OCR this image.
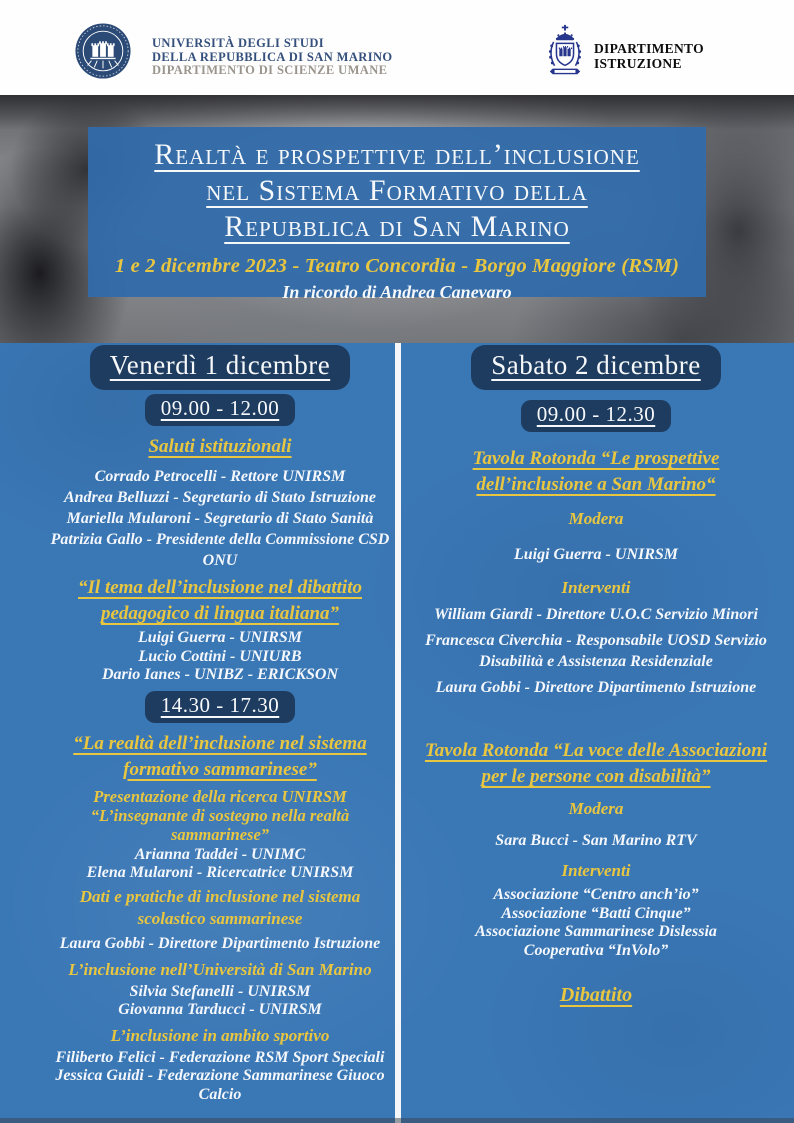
UNIVERSITÀ DEGLI STUDI
DELLA REPUBBLICA DI SAN MARINO
DIPARTIMENTO DI SCIENZE UMANE
DIPARTIMENTO
ISTRUZIONE
Realtà e prospettive dell’inclusione
nel Sistema Formativo della
Repubblica di San Marino
1 e 2 dicembre 2023 - Teatro Concordia - Borgo Maggiore (RSM)
In ricordo di Andrea Canevaro
Venerdì 1 dicembre
09.00 - 12.00

Saluti istituzionali

Corrado Petrocelli - Rettore UNIRSM

Andrea Belluzzi - Segretario di Stato Istruzione

Mariella Mularoni - Segretario di Stato Sanità

Patrizia Gallo - Presidente della Commissione CSD ONU

“Il tema dell’inclusione nel dibattito pedagogico di lingua italiana”

Luigi Guerra - UNIRSM

Lucio Cottini - UNIURB

Dario Ianes - UNIBZ - ERICKSON

14.30 - 17.30

“La realtà dell’inclusione nel sistema formativo sammarinese”

Presentazione della ricerca UNIRSM “L’insegnante di sostegno nella realtà sammarinese”

Arianna Taddei - UNIMC

Elena Mularoni - Ricercatrice UNIRSM

Dati e pratiche di inclusione nel sistema scolastico sammarinese

Laura Gobbi - Direttore Dipartimento Istruzione

L’inclusione nell’Università di San Marino

Silvia Stefanelli - UNIRSM

Giovanna Tarducci - UNIRSM

L’inclusione in ambito sportivo

Filiberto Felici - Federazione RSM Sport Speciali

Jessica Guidi - Federazione Sammarinese Giuoco Calcio

Sabato 2 dicembre
09.00 - 12.30

Tavola Rotonda “Le prospettive dell’inclusione a San Marino“

Modera

Luigi Guerra - UNIRSM

Interventi

William Giardi - Direttore U.O.C Servizio Minori

Francesca Civerchia - Responsabile UOSD Servizio Disabilità e Assistenza Residenziale

Laura Gobbi - Direttore Dipartimento Istruzione

Tavola Rotonda “La voce delle Associazioni per le persone con disabilità”

Modera

Sara Bucci - San Marino RTV

Interventi

Associazione “Centro anch’io”

Associazione “Batti Cinque”

Associazione Sammarinese Dislessia

Cooperativa “InVolo”

Dibattito
